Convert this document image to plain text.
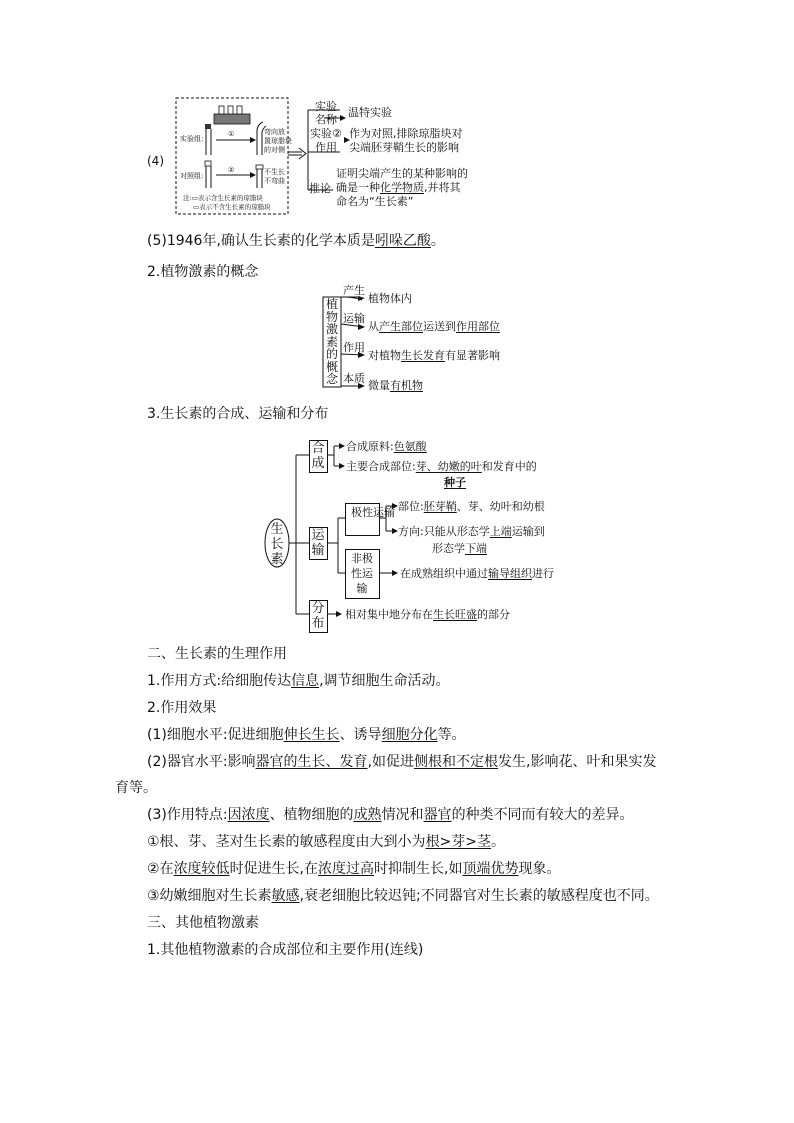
(4)
实验组:
①	弯向放
置琼脂块
的对侧
对照组:
②	不生长
不弯曲
注:▭表示含生长素的琼脂块
▭表示不含生长素的琼脂块
实验
名称
温特实验
实验②
作用
作为对照,排除琼脂块对
尖端胚芽鞘生长的影响
推论
证明尖端产生的某种影响的
确是一种化学物质,并将其
命名为“生长素”
(5)1946年,确认生长素的化学本质是吲哚乙酸。
2.植物激素的概念
植物激素的概念
产生
植物体内
运输
从产生部位运送到作用部位
作用
对植物生长发育有显著影响
本质
微量有机物
3.生长素的合成、运输和分布
生长素
合成
运输
分布
合成原料:色氨酸
主要合成部位:芽、幼嫩的叶和发育中的
种子
极性运输
非极性运输
部位:胚芽鞘、芽、幼叶和幼根
方向:只能从形态学上端运输到
形态学下端
在成熟组织中通过输导组织进行
相对集中地分布在生长旺盛的部分
二、生长素的生理作用
1.作用方式:给细胞传达信息,调节细胞生命活动。
2.作用效果
(1)细胞水平:促进细胞伸长生长、诱导细胞分化等。
(2)器官水平:影响器官的生长、发育,如促进侧根和不定根发生,影响花、叶和果实发
育等。
(3)作用特点:因浓度、植物细胞的成熟情况和器官的种类不同而有较大的差异。
①根、芽、茎对生长素的敏感程度由大到小为根>芽>茎。
②在浓度较低时促进生长,在浓度过高时抑制生长,如顶端优势现象。
③幼嫩细胞对生长素敏感,衰老细胞比较迟钝;不同器官对生长素的敏感程度也不同。
三、其他植物激素
1.其他植物激素的合成部位和主要作用(连线)
